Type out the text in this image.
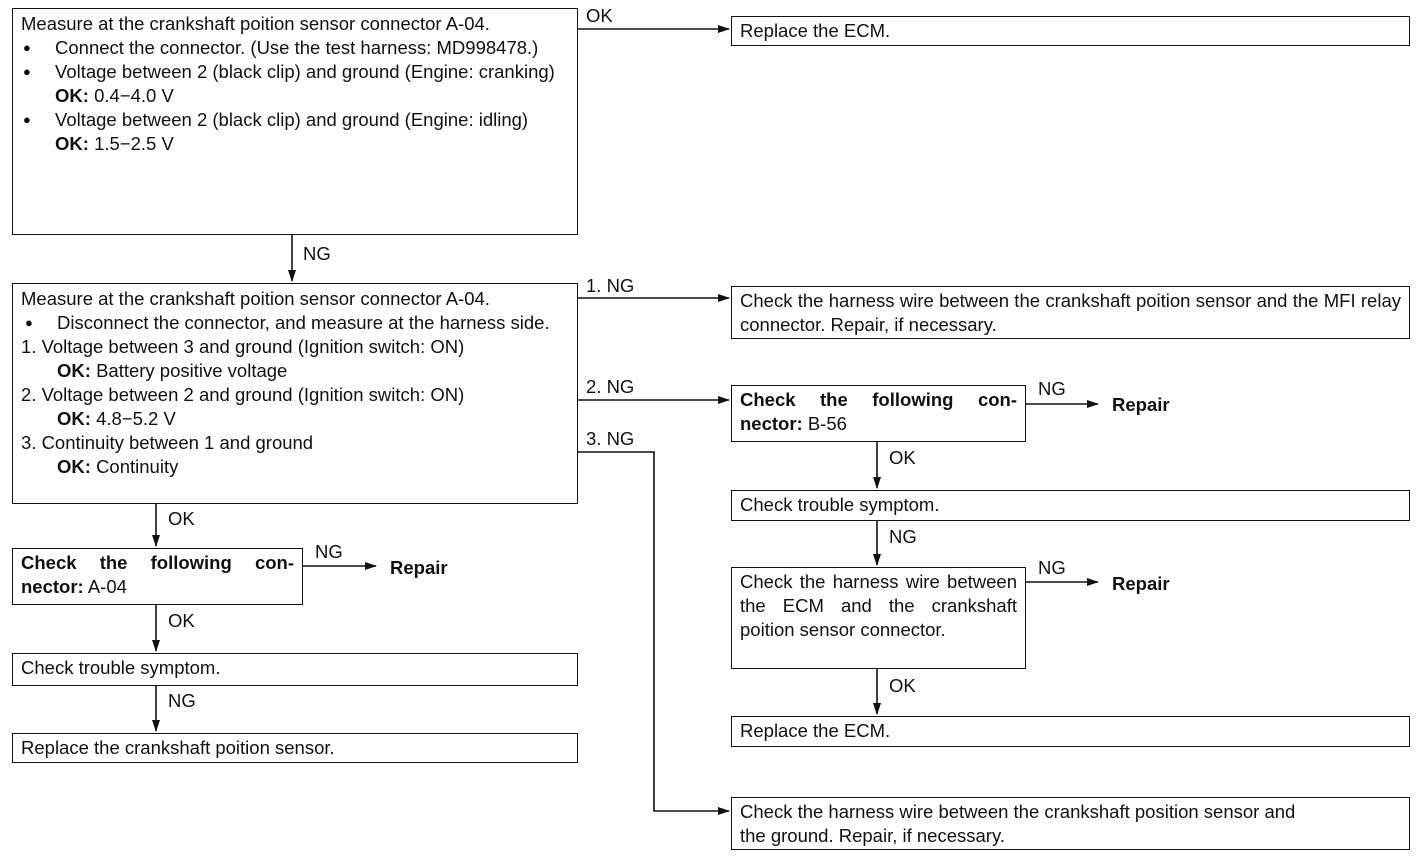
Measure at the crankshaft poition sensor connector A-04.
● Connect the connector. (Use the test harness: MD998478.)
● Voltage between 2 (black clip) and ground (Engine: cranking)
OK: 0.4−4.0 V
● Voltage between 2 (black clip) and ground (Engine: idling)
OK: 1.5−2.5 V
OK
Replace the ECM.
NG
Measure at the crankshaft poition sensor connector A-04.
● Disconnect the connector, and measure at the harness side.
1. Voltage between 3 and ground (Ignition switch: ON)
OK: Battery positive voltage
2. Voltage between 2 and ground (Ignition switch: ON)
OK: 4.8−5.2 V
3. Continuity between 1 and ground
OK: Continuity
1. NG
2. NG
3. NG
Check the harness wire between the crankshaft poition sensor and the MFI relay connector. Repair, if necessary.
Check the following con- nector: B-56
NG
Repair
OK
Check trouble symptom.
NG
Check the harness wire between the ECM and the crankshaft poition sensor connector.
NG
Repair
OK
Replace the ECM.
Check the harness wire between the crankshaft position sensor and the ground. Repair, if necessary.
OK
Check the following con- nector: A-04
NG
Repair
OK
Check trouble symptom.
NG
Replace the crankshaft poition sensor.
